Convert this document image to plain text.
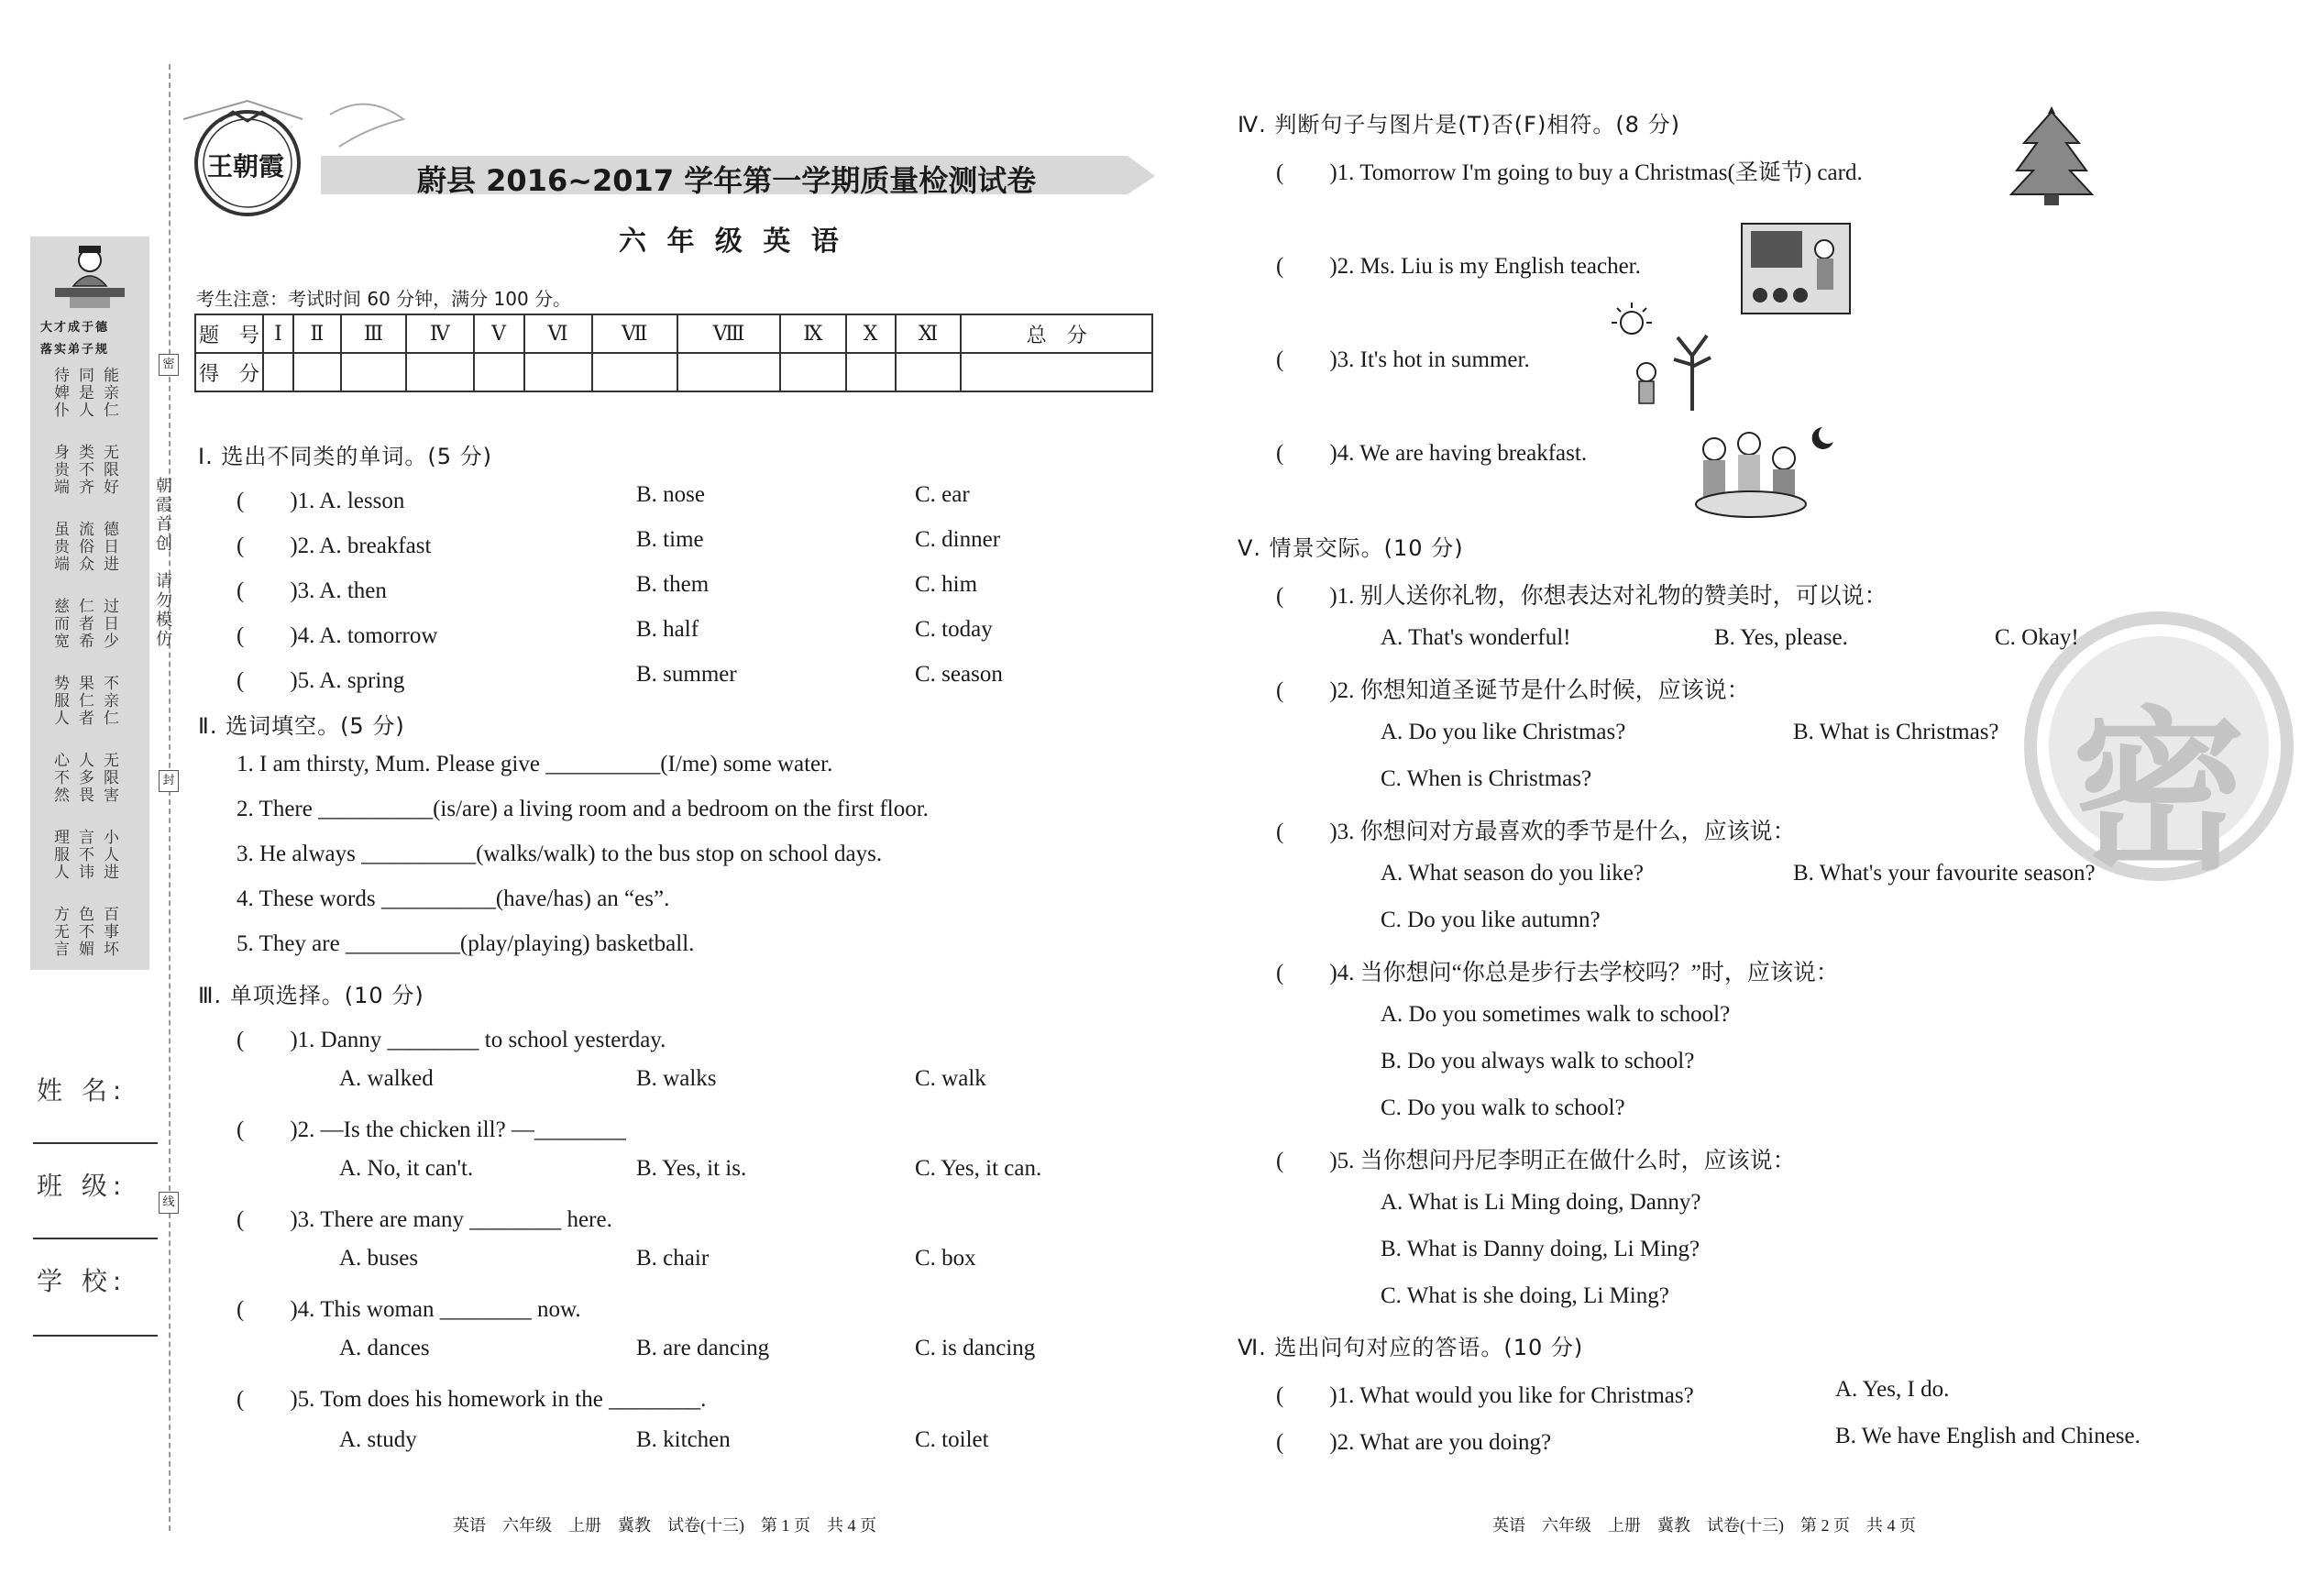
大才成于德
落实弟子规
待婢仆 同是人 能亲仁
身贵端 类不齐 无限好
虽贵端 流俗众 德日进
慈而宽 仁者希 过日少
势服人 果仁者 不亲仁
心不然 人多畏 无限害
理服人 言不讳 小人进
方无言 色不媚 百事坏
姓 名:
班 级:
学 校:
密
封
线
朝霞首创
请勿模仿
王朝霞	蔚县 2016~2017 学年第一学期质量检测试卷
六 年 级 英 语
考生注意：考试时间 60 分钟，满分 100 分。
题　号	Ⅰ	Ⅱ	Ⅲ	Ⅳ	Ⅴ	Ⅵ	Ⅶ	Ⅷ	Ⅸ	Ⅹ	Ⅺ	总　分
得　分												
Ⅰ. 选出不同类的单词。(5 分)
(　　)1. A. lesson	B. nose	C. ear
(　　)2. A. breakfast	B. time	C. dinner
(　　)3. A. then	B. them	C. him
(　　)4. A. tomorrow	B. half	C. today
(　　)5. A. spring	B. summer	C. season
Ⅱ. 选词填空。(5 分)
1. I am thirsty, Mum. Please give __________(I/me) some water.
2. There __________(is/are) a living room and a bedroom on the first floor.
3. He always __________(walks/walk) to the bus stop on school days.
4. These words __________(have/has) an “es”.
5. They are __________(play/playing) basketball.
Ⅲ. 单项选择。(10 分)
(　　)1. Danny ________ to school yesterday.
A. walked	B. walks	C. walk
(　　)2. —Is the chicken ill? —________
A. No, it can't.	B. Yes, it is.	C. Yes, it can.
(　　)3. There are many ________ here.
A. buses	B. chair	C. box
(　　)4. This woman ________ now.
A. dances	B. are dancing	C. is dancing
(　　)5. Tom does his homework in the ________.
A. study	B. kitchen	C. toilet
英语　六年级　上册　冀教　试卷(十三)　第 1 页　共 4 页
密
Ⅳ. 判断句子与图片是(T)否(F)相符。(8 分)
(　　)1. Tomorrow I'm going to buy a Christmas(圣诞节) card.
(　　)2. Ms. Liu is my English teacher.
(　　)3. It's hot in summer.
(　　)4. We are having breakfast.
Ⅴ. 情景交际。(10 分)
(　　)1. 别人送你礼物，你想表达对礼物的赞美时，可以说：
A. That's wonderful!	B. Yes, please.	C. Okay!
(　　)2. 你想知道圣诞节是什么时候，应该说：
A. Do you like Christmas?	B. What is Christmas?
C. When is Christmas?
(　　)3. 你想问对方最喜欢的季节是什么，应该说：
A. What season do you like?	B. What's your favourite season?
C. Do you like autumn?
(　　)4. 当你想问“你总是步行去学校吗？”时，应该说：
A. Do you sometimes walk to school?
B. Do you always walk to school?
C. Do you walk to school?
(　　)5. 当你想问丹尼李明正在做什么时，应该说：
A. What is Li Ming doing, Danny?
B. What is Danny doing, Li Ming?
C. What is she doing, Li Ming?
Ⅵ. 选出问句对应的答语。(10 分)
(　　)1. What would you like for Christmas?	A. Yes, I do.
(　　)2. What are you doing?	B. We have English and Chinese.
英语　六年级　上册　冀教　试卷(十三)　第 2 页　共 4 页
